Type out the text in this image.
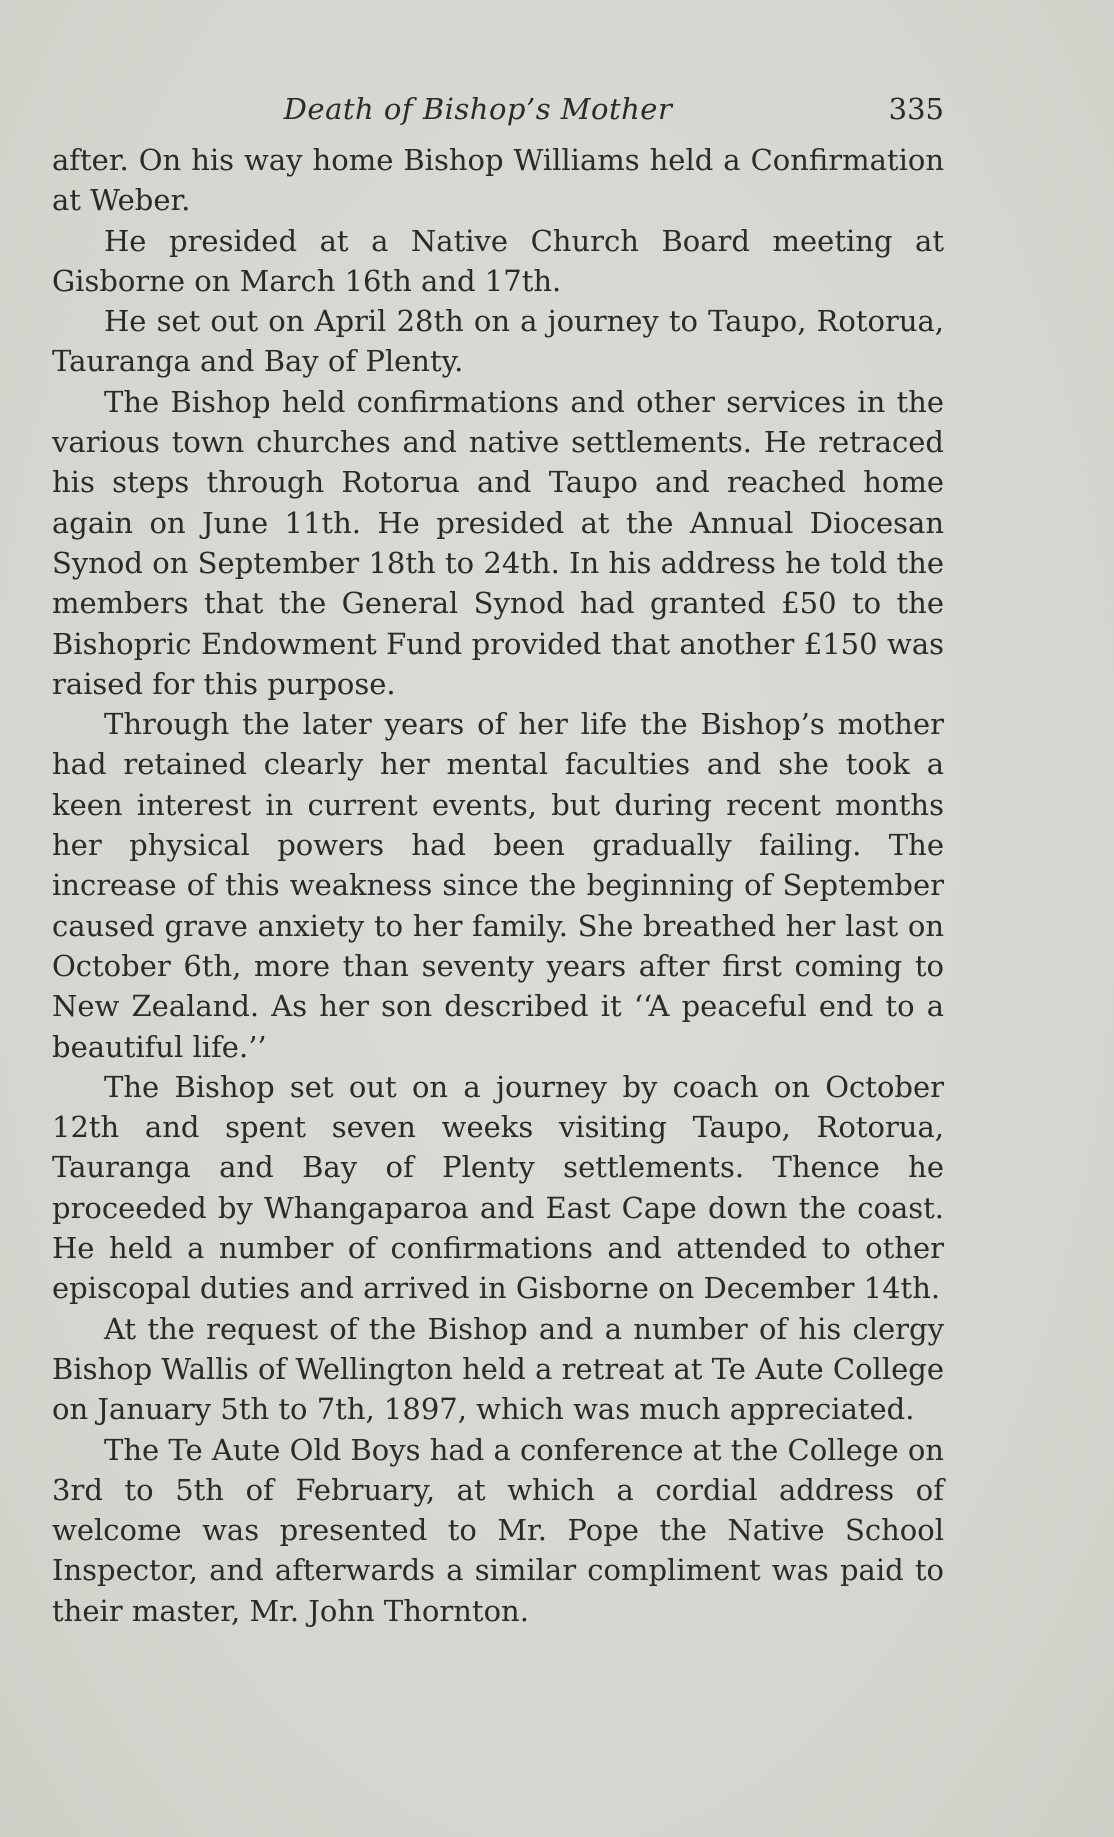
Death of Bishop’s Mother	335

after. On his way home Bishop Williams held a Confirmation at Weber.

He presided at a Native Church Board meeting at Gisborne on March 16th and 17th.

He set out on April 28th on a journey to Taupo, Rotorua, Tauranga and Bay of Plenty.

The Bishop held confirmations and other services in the various town churches and native settlements. He retraced his steps through Rotorua and Taupo and reached home again on June 11th. He presided at the Annual Diocesan Synod on September 18th to 24th. In his address he told the members that the General Synod had granted £50 to the Bishopric Endowment Fund provided that another £150 was raised for this purpose.

Through the later years of her life the Bishop’s mother had retained clearly her mental faculties and she took a keen interest in current events, but during recent months her physical powers had been gradually failing. The increase of this weakness since the beginning of September caused grave anxiety to her family. She breathed her last on October 6th, more than seventy years after first coming to New Zealand. As her son described it ‘‘A peaceful end to a beautiful life.’’

The Bishop set out on a journey by coach on October 12th and spent seven weeks visiting Taupo, Rotorua, Tauranga and Bay of Plenty settlements. Thence he proceeded by Whangaparoa and East Cape down the coast. He held a number of confirmations and attended to other episcopal duties and arrived in Gisborne on December 14th.

At the request of the Bishop and a number of his clergy Bishop Wallis of Wellington held a retreat at Te Aute College on January 5th to 7th, 1897, which was much appreciated.

The Te Aute Old Boys had a conference at the College on 3rd to 5th of February, at which a cordial address of welcome was presented to Mr. Pope the Native School Inspector, and afterwards a similar compliment was paid to their master, Mr. John Thornton.
